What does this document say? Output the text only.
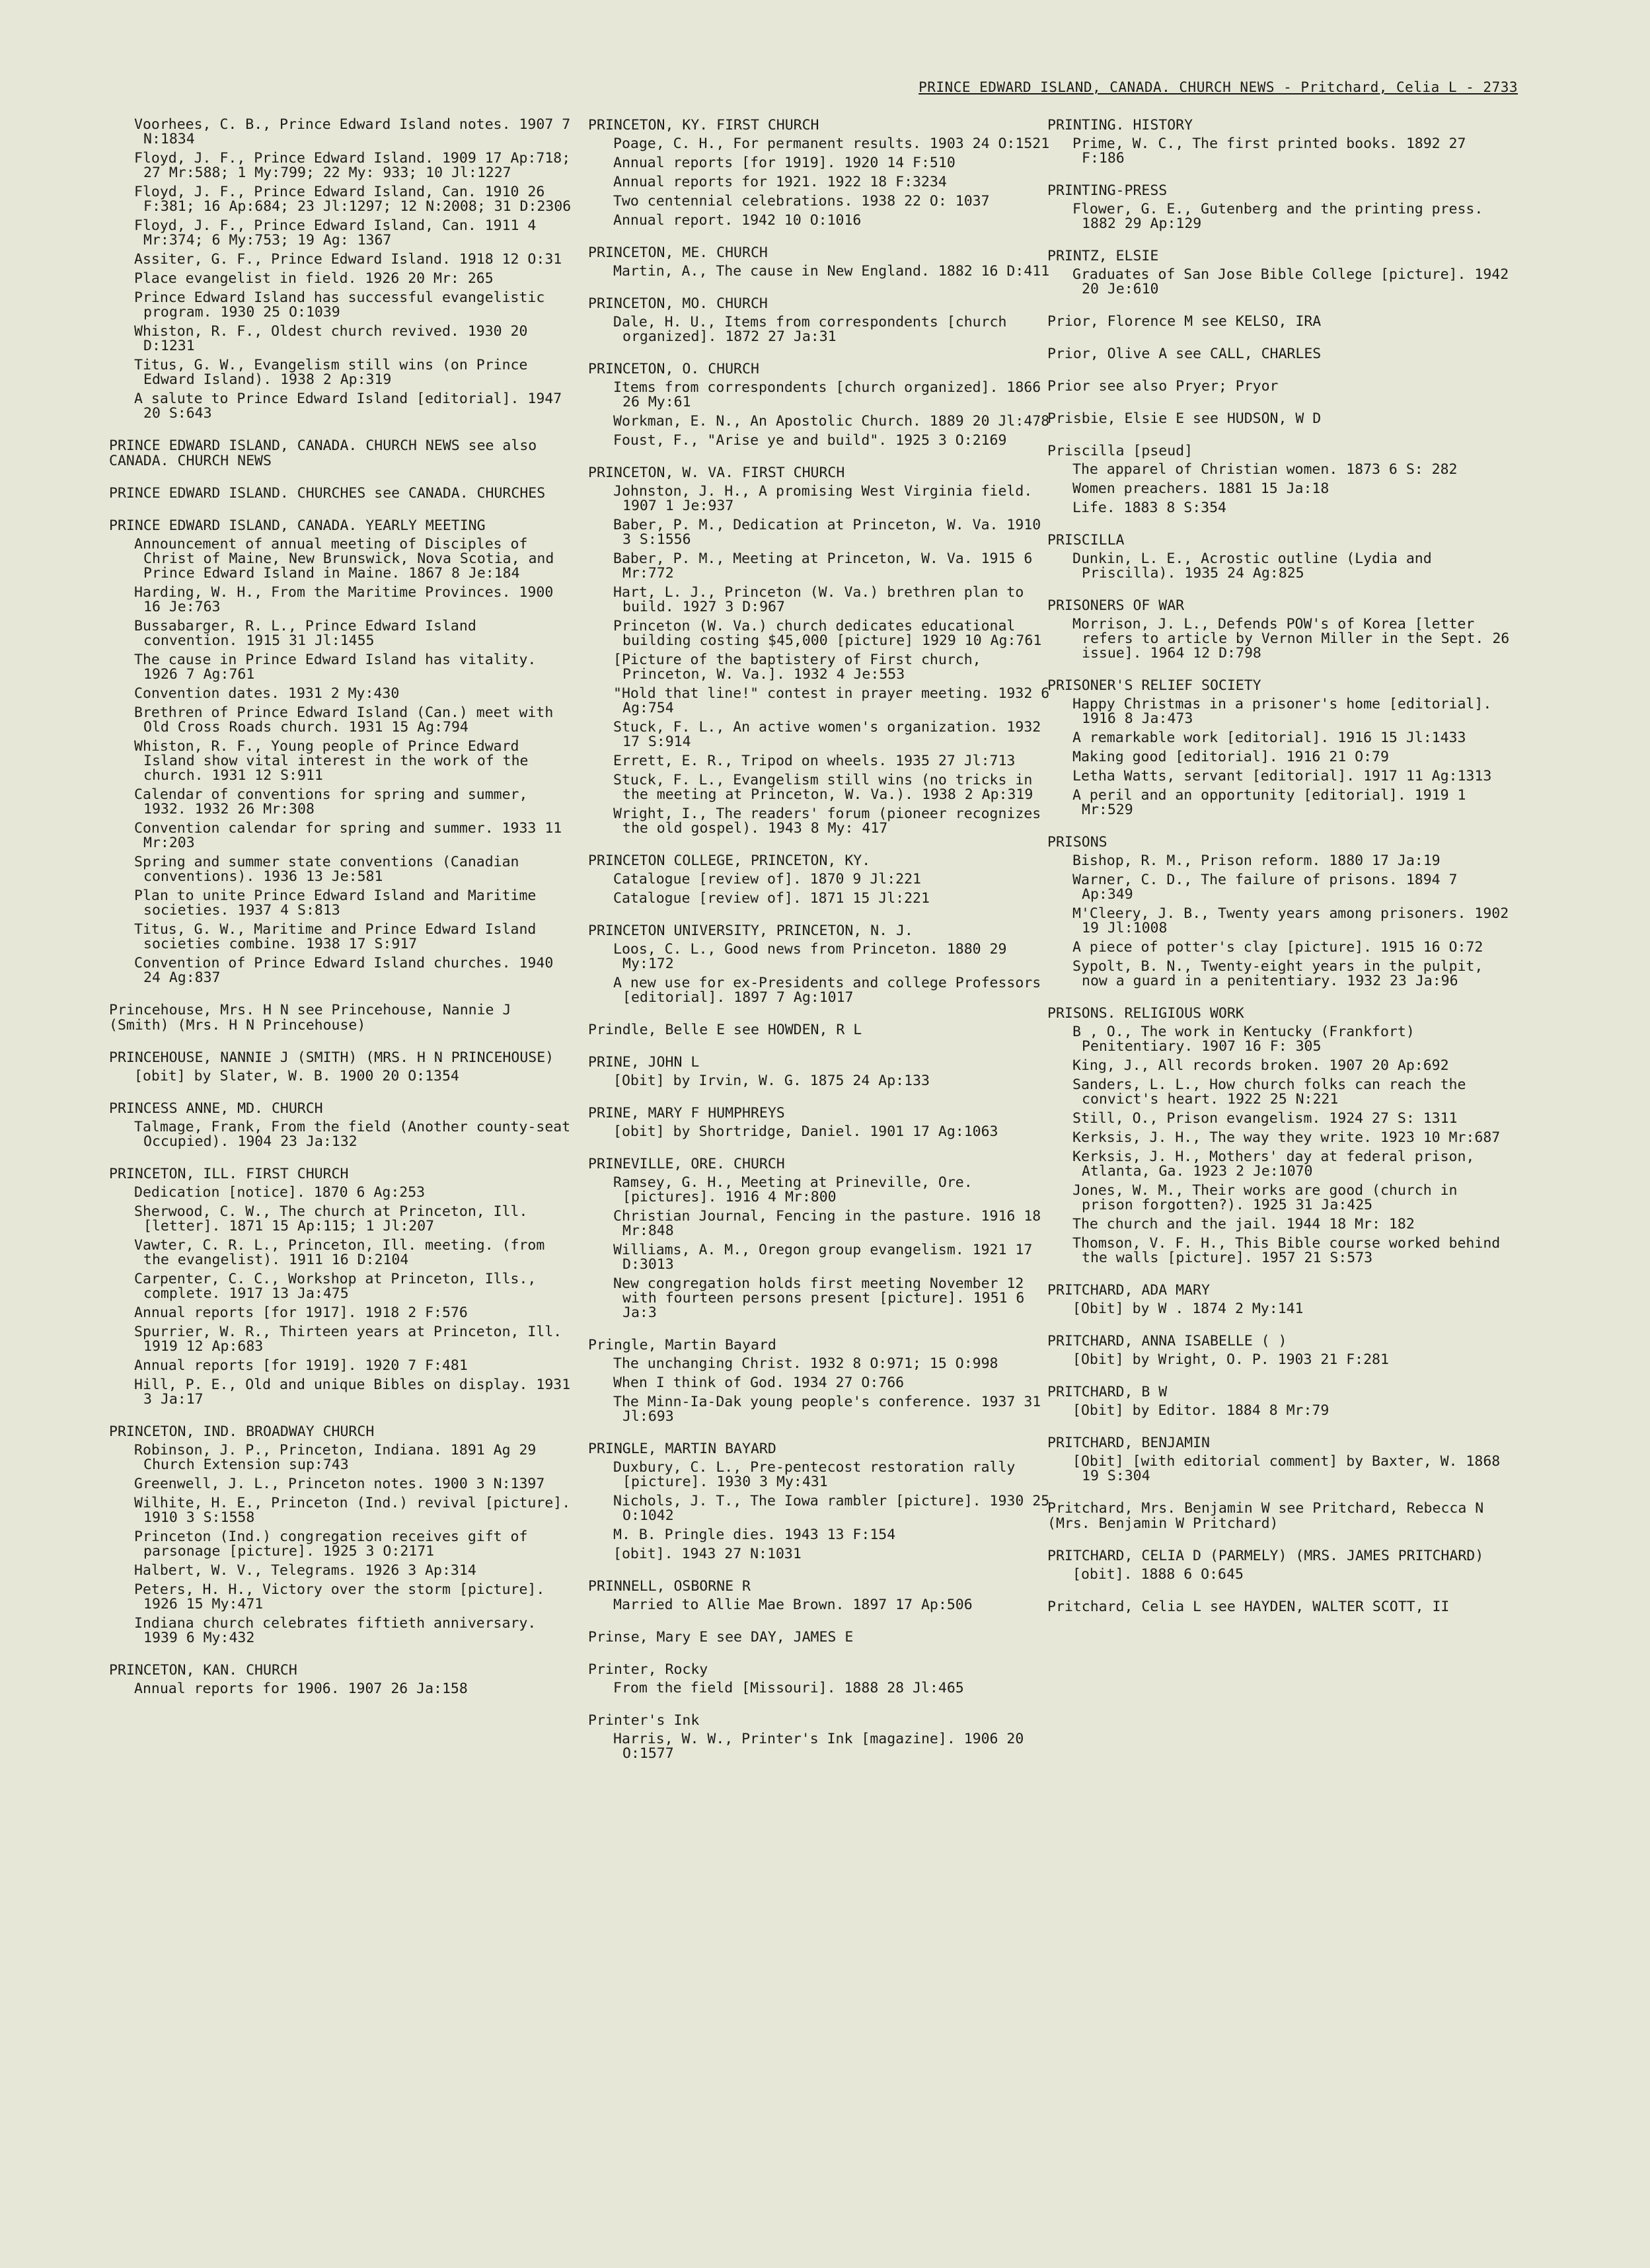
PRINCE EDWARD ISLAND, CANADA. CHURCH NEWS - Pritchard, Celia L - 2733
Voorhees, C. B., Prince Edward Island notes. 1907 7 N:1834
Floyd, J. F., Prince Edward Island. 1909 17 Ap:718; 27 Mr:588; 1 My:799; 22 My: 933; 10 Jl:1227
Floyd, J. F., Prince Edward Island, Can. 1910 26 F:381; 16 Ap:684; 23 Jl:1297; 12 N:2008; 31 D:2306
Floyd, J. F., Prince Edward Island, Can. 1911 4 Mr:374; 6 My:753; 19 Ag: 1367
Assiter, G. F., Prince Edward Island. 1918 12 O:31
Place evangelist in field. 1926 20 Mr: 265
Prince Edward Island has successful evangelistic program. 1930 25 O:1039
Whiston, R. F., Oldest church revived. 1930 20 D:1231
Titus, G. W., Evangelism still wins (on Prince Edward Island). 1938 2 Ap:319
A salute to Prince Edward Island [editorial]. 1947 20 S:643
PRINCE EDWARD ISLAND, CANADA. CHURCH NEWS see also CANADA. CHURCH NEWS
PRINCE EDWARD ISLAND. CHURCHES see CANADA. CHURCHES
PRINCE EDWARD ISLAND, CANADA. YEARLY MEETING
Announcement of annual meeting of Disciples of Christ of Maine, New Brunswick, Nova Scotia, and Prince Edward Island in Maine. 1867 8 Je:184
Harding, W. H., From the Maritime Provinces. 1900 16 Je:763
Bussabarger, R. L., Prince Edward Island convention. 1915 31 Jl:1455
The cause in Prince Edward Island has vitality. 1926 7 Ag:761
Convention dates. 1931 2 My:430
Brethren of Prince Edward Island (Can.) meet with Old Cross Roads church. 1931 15 Ag:794
Whiston, R. F., Young people of Prince Edward Island show vital interest in the work of the church. 1931 12 S:911
Calendar of conventions for spring and summer, 1932. 1932 26 Mr:308
Convention calendar for spring and summer. 1933 11 Mr:203
Spring and summer state conventions (Canadian conventions). 1936 13 Je:581
Plan to unite Prince Edward Island and Maritime societies. 1937 4 S:813
Titus, G. W., Maritime and Prince Edward Island societies combine. 1938 17 S:917
Convention of Prince Edward Island churches. 1940 24 Ag:837
Princehouse, Mrs. H N see Princehouse, Nannie J (Smith) (Mrs. H N Princehouse)
PRINCEHOUSE, NANNIE J (SMITH) (MRS. H N PRINCEHOUSE)
[obit] by Slater, W. B. 1900 20 O:1354
PRINCESS ANNE, MD. CHURCH
Talmage, Frank, From the field (Another county-seat Occupied). 1904 23 Ja:132
PRINCETON, ILL. FIRST CHURCH
Dedication [notice]. 1870 6 Ag:253
Sherwood, C. W., The church at Princeton, Ill. [letter]. 1871 15 Ap:115; 1 Jl:207
Vawter, C. R. L., Princeton, Ill. meeting. (from the evangelist). 1911 16 D:2104
Carpenter, C. C., Workshop at Princeton, Ills., complete. 1917 13 Ja:475
Annual reports [for 1917]. 1918 2 F:576
Spurrier, W. R., Thirteen years at Princeton, Ill. 1919 12 Ap:683
Annual reports [for 1919]. 1920 7 F:481
Hill, P. E., Old and unique Bibles on display. 1931 3 Ja:17
PRINCETON, IND. BROADWAY CHURCH
Robinson, J. P., Princeton, Indiana. 1891 Ag 29 Church Extension sup:743
Greenwell, J. L., Princeton notes. 1900 3 N:1397
Wilhite, H. E., Princeton (Ind.) revival [picture]. 1910 3 S:1558
Princeton (Ind.) congregation receives gift of parsonage [picture]. 1925 3 O:2171
Halbert, W. V., Telegrams. 1926 3 Ap:314
Peters, H. H., Victory over the storm [picture]. 1926 15 My:471
Indiana church celebrates fiftieth anniversary. 1939 6 My:432
PRINCETON, KAN. CHURCH
Annual reports for 1906. 1907 26 Ja:158
PRINCETON, KY. FIRST CHURCH
Poage, C. H., For permanent results. 1903 24 O:1521
Annual reports [for 1919]. 1920 14 F:510
Annual reports for 1921. 1922 18 F:3234
Two centennial celebrations. 1938 22 O: 1037
Annual report. 1942 10 O:1016
PRINCETON, ME. CHURCH
Martin, A., The cause in New England. 1882 16 D:411
PRINCETON, MO. CHURCH
Dale, H. U., Items from correspondents [church organized]. 1872 27 Ja:31
PRINCETON, O. CHURCH
Items from correspondents [church organized]. 1866 26 My:61
Workman, E. N., An Apostolic Church. 1889 20 Jl:478
Foust, F., "Arise ye and build". 1925 3 O:2169
PRINCETON, W. VA. FIRST CHURCH
Johnston, J. H., A promising West Virginia field. 1907 1 Je:937
Baber, P. M., Dedication at Princeton, W. Va. 1910 3 S:1556
Baber, P. M., Meeting at Princeton, W. Va. 1915 6 Mr:772
Hart, L. J., Princeton (W. Va.) brethren plan to build. 1927 3 D:967
Princeton (W. Va.) church dedicates educational building costing $45,000 [picture] 1929 10 Ag:761
[Picture of the baptistery of First church, Princeton, W. Va.]. 1932 4 Je:553
"Hold that line!" contest in prayer meeting. 1932 6 Ag:754
Stuck, F. L., An active women's organization. 1932 17 S:914
Errett, E. R., Tripod on wheels. 1935 27 Jl:713
Stuck, F. L., Evangelism still wins (no tricks in the meeting at Princeton, W. Va.). 1938 2 Ap:319
Wright, I., The readers' forum (pioneer recognizes the old gospel). 1943 8 My: 417
PRINCETON COLLEGE, PRINCETON, KY.
Catalogue [review of]. 1870 9 Jl:221
Catalogue [review of]. 1871 15 Jl:221
PRINCETON UNIVERSITY, PRINCETON, N. J.
Loos, C. L., Good news from Princeton. 1880 29 My:172
A new use for ex-Presidents and college Professors [editorial]. 1897 7 Ag:1017
Prindle, Belle E see HOWDEN, R L
PRINE, JOHN L
[Obit] by Irvin, W. G. 1875 24 Ap:133
PRINE, MARY F HUMPHREYS
[obit] by Shortridge, Daniel. 1901 17 Ag:1063
PRINEVILLE, ORE. CHURCH
Ramsey, G. H., Meeting at Prineville, Ore. [pictures]. 1916 4 Mr:800
Christian Journal, Fencing in the pasture. 1916 18 Mr:848
Williams, A. M., Oregon group evangelism. 1921 17 D:3013
New congregation holds first meeting November 12 with fourteen persons present [picture]. 1951 6 Ja:3
Pringle, Martin Bayard
The unchanging Christ. 1932 8 O:971; 15 O:998
When I think of God. 1934 27 O:766
The Minn-Ia-Dak young people's conference. 1937 31 Jl:693
PRINGLE, MARTIN BAYARD
Duxbury, C. L., Pre-pentecost restoration rally [picture]. 1930 3 My:431
Nichols, J. T., The Iowa rambler [picture]. 1930 25 O:1042
M. B. Pringle dies. 1943 13 F:154
[obit]. 1943 27 N:1031
PRINNELL, OSBORNE R
Married to Allie Mae Brown. 1897 17 Ap:506
Prinse, Mary E see DAY, JAMES E
Printer, Rocky
From the field [Missouri]. 1888 28 Jl:465
Printer's Ink
Harris, W. W., Printer's Ink [magazine]. 1906 20 O:1577
PRINTING. HISTORY
Prime, W. C., The first printed books. 1892 27 F:186
PRINTING-PRESS
Flower, G. E., Gutenberg and the printing press. 1882 29 Ap:129
PRINTZ, ELSIE
Graduates of San Jose Bible College [picture]. 1942 20 Je:610
Prior, Florence M see KELSO, IRA
Prior, Olive A see CALL, CHARLES
Prior see also Pryer; Pryor
Prisbie, Elsie E see HUDSON, W D
Priscilla [pseud]
The apparel of Christian women. 1873 6 S: 282
Women preachers. 1881 15 Ja:18
Life. 1883 8 S:354
PRISCILLA
Dunkin, L. E., Acrostic outline (Lydia and Priscilla). 1935 24 Ag:825
PRISONERS OF WAR
Morrison, J. L., Defends POW's of Korea [letter refers to article by Vernon Miller in the Sept. 26 issue]. 1964 12 D:798
PRISONER'S RELIEF SOCIETY
Happy Christmas in a prisoner's home [editorial]. 1916 8 Ja:473
A remarkable work [editorial]. 1916 15 Jl:1433
Making good [editorial]. 1916 21 O:79
Letha Watts, servant [editorial]. 1917 11 Ag:1313
A peril and an opportunity [editorial]. 1919 1 Mr:529
PRISONS
Bishop, R. M., Prison reform. 1880 17 Ja:19
Warner, C. D., The failure of prisons. 1894 7 Ap:349
M'Cleery, J. B., Twenty years among prisoners. 1902 19 Jl:1008
A piece of potter's clay [picture]. 1915 16 O:72
Sypolt, B. N., Twenty-eight years in the pulpit, now a guard in a penitentiary. 1932 23 Ja:96
PRISONS. RELIGIOUS WORK
B , O., The work in Kentucky (Frankfort) Penitentiary. 1907 16 F: 305
King, J., All records broken. 1907 20 Ap:692
Sanders, L. L., How church folks can reach the convict's heart. 1922 25 N:221
Still, O., Prison evangelism. 1924 27 S: 1311
Kerksis, J. H., The way they write. 1923 10 Mr:687
Kerksis, J. H., Mothers' day at federal prison, Atlanta, Ga. 1923 2 Je:1070
Jones, W. M., Their works are good (church in prison forgotten?). 1925 31 Ja:425
The church and the jail. 1944 18 Mr: 182
Thomson, V. F. H., This Bible course worked behind the walls [picture]. 1957 21 S:573
PRITCHARD, ADA MARY
[Obit] by W . 1874 2 My:141
PRITCHARD, ANNA ISABELLE ( )
[Obit] by Wright, O. P. 1903 21 F:281
PRITCHARD, B W
[Obit] by Editor. 1884 8 Mr:79
PRITCHARD, BENJAMIN
[Obit] [with editorial comment] by Baxter, W. 1868 19 S:304
Pritchard, Mrs. Benjamin W see Pritchard, Rebecca N (Mrs. Benjamin W Pritchard)
PRITCHARD, CELIA D (PARMELY) (MRS. JAMES PRITCHARD)
[obit]. 1888 6 O:645
Pritchard, Celia L see HAYDEN, WALTER SCOTT, II
